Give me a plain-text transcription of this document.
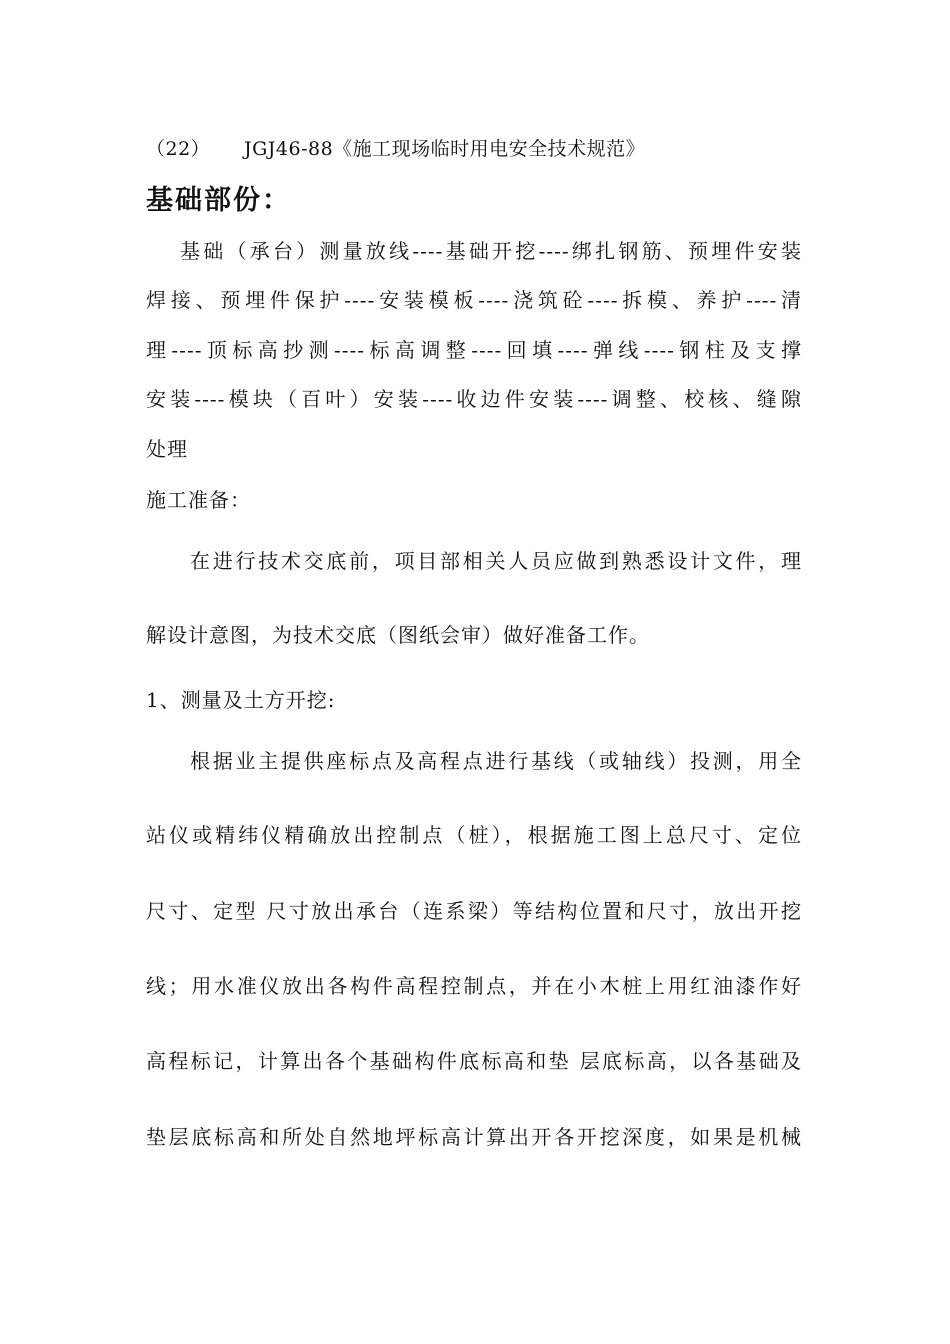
（22） JGJ46-88《施工现场临时用电安全技术规范》
基础部份：
基础（承台）测量放线----基础开挖----绑扎钢筋、预埋件安装
焊接、预埋件保护----安装模板----浇筑砼----拆模、养护----清
理----顶标高抄测----标高调整----回填----弹线----钢柱及支撑
安装----模块（百叶）安装----收边件安装----调整、校核、缝隙
处理
施工准备：
在进行技术交底前，项目部相关人员应做到熟悉设计文件，理
解设计意图，为技术交底（图纸会审）做好准备工作。
1、测量及土方开挖:
根据业主提供座标点及高程点进行基线（或轴线）投测，用全
站仪或精纬仪精确放出控制点（桩），根据施工图上总尺寸、定位
尺寸、定型 尺寸放出承台（连系梁）等结构位置和尺寸，放出开挖
线；用水准仪放出各构件高程控制点，并在小木桩上用红油漆作好
高程标记，计算出各个基础构件底标高和垫 层底标高，以各基础及
垫层底标高和所处自然地坪标高计算出开各开挖深度，如果是机械
